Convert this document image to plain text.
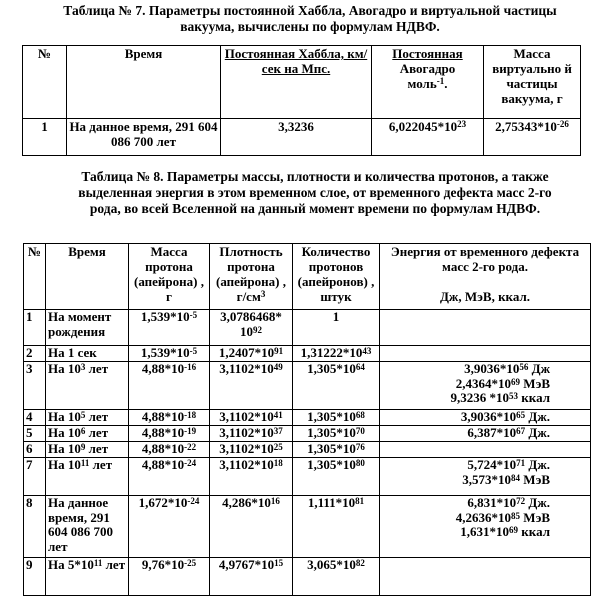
Таблица № 7. Параметры постоянной Хаббла, Авогадро и виртуальной частицы вакуума, вычислены по формулам НДВФ.
№	Время	Постоянная Хаббла, км/сек на Мпс.	Постоянная
Авогадро
моль$^{-1}$.	Масса виртуально й частицы вакуума, г
1	На данное время, 291 604 086 700 лет	3,3236	$6,022045*10^{23}$	$2,75343*10^{-26}$
Таблица № 8. Параметры массы, плотности и количества протонов, а также выделенная энергия в этом временном слое, от временного дефекта масс 2-го рода, во всей Вселенной на данный момент времени по формулам НДВФ.
№	Время	Масса протона (апейрона) , г	Плотность протона (апейрона) , $г/см^3$	Количество протонов (апейронов) , штук	Энергия от временного дефекта масс 2-го рода.
Дж, МэВ, ккал.

1	На момент рождения	$1,539*10^{-5}$	3,0786468*
$10^{92}$	1	
2	На 1 сек	$1,539*10^{-5}$	$1,2407*10^{91}$	$1,31222*10^{43}$	
3	На $10^3$ лет	$4,88*10^{-16}$	$3,1102*10^{49}$	$1,305*10^{64}$	$3,9036*10^{56}$ Дж
$2,4364*10^{69}$ МэВ
9,3236 $*10^{53}$ ккал
4	На $10^5$ лет	$4,88*10^{-18}$	$3,1102*10^{41}$	$1,305*10^{68}$	$3,9036*10^{65}$ Дж.
5	На $10^6$ лет	$4,88*10^{-19}$	$3,1102*10^{37}$	$1,305*10^{70}$	$6,387*10^{67}$ Дж.
6	На $10^9$ лет	$4,88*10^{-22}$	$3,1102*10^{25}$	$1,305*10^{76}$	
7	На $10^{11}$ лет	$4,88*10^{-24}$	$3,1102*10^{18}$	$1,305*10^{80}$	$5,724*10^{71}$ Дж.
$3,573*10^{84}$ МэВ
8	На данное время, 291 604 086 700 лет	$1,672*10^{-24}$	$4,286*10^{16}$	$1,111*10^{81}$	$6,831*10^{72}$ Дж.
$4,2636*10^{85}$ МэВ
$1,631*10^{69}$ ккал
9	На $5*10^{11}$ лет	$9,76*10^{-25}$	$4,9767*10^{15}$	$3,065*10^{82}$	
